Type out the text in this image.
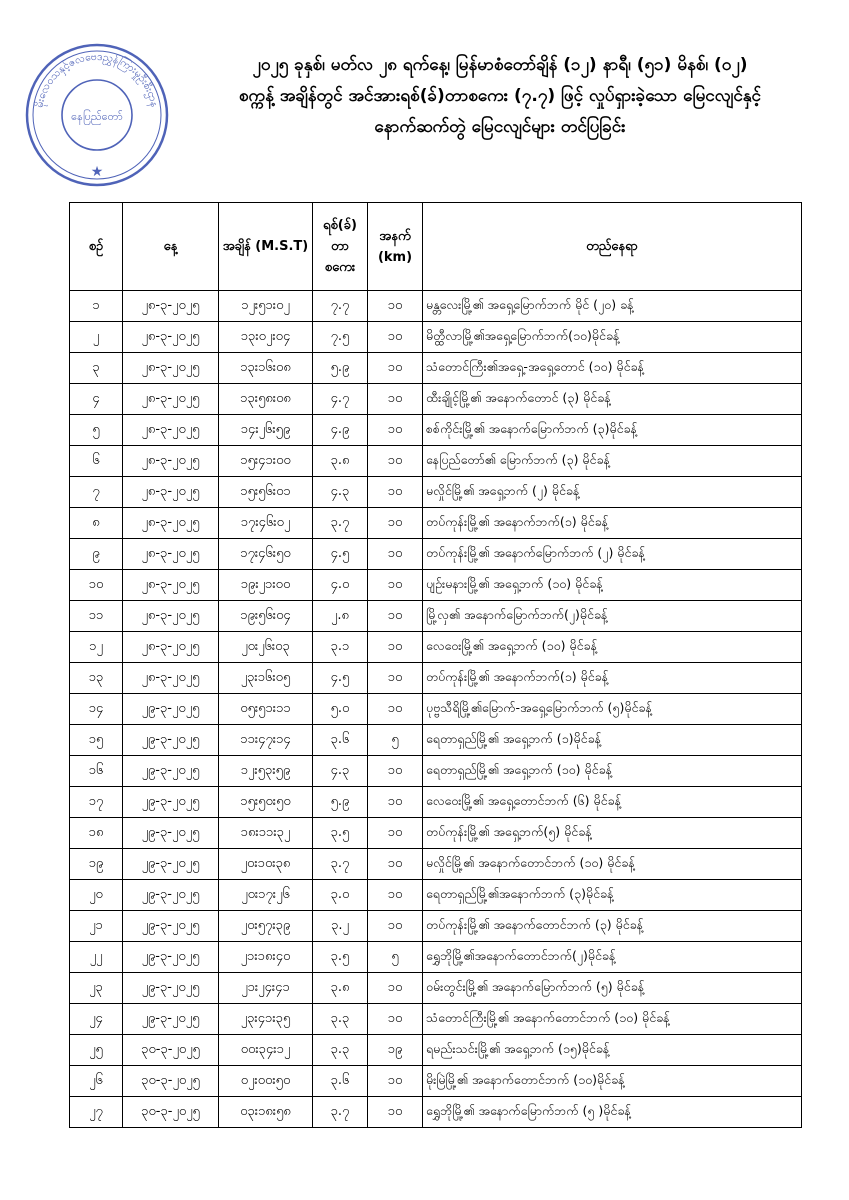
မိုးလေဝသနှင့်ဇလဗေဒညွှန်ကြားမှုဦးစီးဌာန
နေပြည်တော်
★
၂၀၂၅ ခုနှစ်၊ မတ်လ ၂၈ ရက်နေ့၊ မြန်မာစံတော်ချိန် (၁၂) နာရီ၊ (၅၁) မိနစ်၊ (၀၂)
စက္ကန့် အချိန်တွင် အင်အားရစ်(ခ်)တာစကေး (၇.၇) ဖြင့် လှုပ်ရှားခဲ့သော မြေငလျင်နှင့်
နောက်ဆက်တွဲ မြေငလျင်များ တင်ပြခြင်း
စဉ်	နေ့	အချိန် (M.S.T)	ရစ်(ခ်) တာ စကေး	အနက် (km)	တည်နေရာ
၁	၂၈-၃-၂၀၂၅	၁၂း၅၁း၀၂	၇.၇	၁၀	မန္တလေးမြို့၏ အရှေ့မြောက်ဘက် မိုင် (၂၀) ခန့်
၂	၂၈-၃-၂၀၂၅	၁၃း၀၂း၀၄	၇.၅	၁၀	မိတ္ထီလာမြို့၏အရှေ့မြောက်ဘက်(၁၀)မိုင်ခန့်
၃	၂၈-၃-၂၀၂၅	၁၃း၁၆း၀၈	၅.၉	၁၀	သံတောင်ကြီး၏အရှေ့-အရှေ့တောင် (၁၀) မိုင်ခန့်
၄	၂၈-၃-၂၀၂၅	၁၃း၅၈း၀၈	၄.၇	၁၀	ထီးချိုင့်မြို့၏ အနောက်တောင် (၃) မိုင်ခန့်
၅	၂၈-၃-၂၀၂၅	၁၄း၂၆း၅၉	၄.၉	၁၀	စစ်ကိုင်းမြို့၏ အနောက်မြောက်ဘက် (၃)မိုင်ခန့်
၆	၂၈-၃-၂၀၂၅	၁၅း၄၁း၀၀	၃.၈	၁၀	နေပြည်တော်၏ မြောက်ဘက် (၃) မိုင်ခန့်
၇	၂၈-၃-၂၀၂၅	၁၅း၅၆း၀၁	၄.၃	၁၀	မလှိုင်မြို့၏ အရှေ့ဘက် (၂) မိုင်ခန့်
၈	၂၈-၃-၂၀၂၅	၁၇း၄၆း၀၂	၃.၇	၁၀	တပ်ကုန်းမြို့၏ အနောက်ဘက်(၁) မိုင်ခန့်
၉	၂၈-၃-၂၀၂၅	၁၇း၄၆း၅၀	၄.၅	၁၀	တပ်ကုန်းမြို့၏ အနောက်မြောက်ဘက် (၂) မိုင်ခန့်
၁၀	၂၈-၃-၂၀၂၅	၁၉း၂၁း၀၀	၄.၀	၁၀	ပျဉ်းမနားမြို့၏ အရှေ့ဘက် (၁၀) မိုင်ခန့်
၁၁	၂၈-၃-၂၀၂၅	၁၉း၅၆း၀၄	၂.၈	၁၀	မြို့လှ၏ အနောက်မြောက်ဘက်(၂)မိုင်ခန့်
၁၂	၂၈-၃-၂၀၂၅	၂၀း၂၆း၀၃	၃.၁	၁၀	လေဝေးမြို့၏ အရှေ့ဘက် (၁၀) မိုင်ခန့်
၁၃	၂၈-၃-၂၀၂၅	၂၃း၁၆း၀၅	၄.၅	၁၀	တပ်ကုန်းမြို့၏ အနောက်ဘက်(၁) မိုင်ခန့်
၁၄	၂၉-၃-၂၀၂၅	၀၅း၅၁း၁၁	၅.၀	၁၀	ပုဗ္ဗသီရိမြို့၏မြောက်-အရှေ့မြောက်ဘက် (၅)မိုင်ခန့်
၁၅	၂၉-၃-၂၀၂၅	၁၁း၄၇း၁၄	၃.၆	၅	ရေတာရှည်မြို့၏ အရှေ့ဘက် (၁)မိုင်ခန့်
၁၆	၂၉-၃-၂၀၂၅	၁၂း၅၃း၅၉	၄.၃	၁၀	ရေတာရှည်မြို့၏ အရှေ့ဘက် (၁၀) မိုင်ခန့်
၁၇	၂၉-၃-၂၀၂၅	၁၅း၅၀း၅၀	၅.၉	၁၀	လေဝေးမြို့၏ အရှေ့တောင်ဘက် (၆) မိုင်ခန့်
၁၈	၂၉-၃-၂၀၂၅	၁၈း၁၁း၃၂	၃.၅	၁၀	တပ်ကုန်းမြို့၏ အရှေ့ဘက်(၅) မိုင်ခန့်
၁၉	၂၉-၃-၂၀၂၅	၂၀း၁၀း၃၈	၃.၇	၁၀	မလှိုင်မြို့၏ အနောက်တောင်ဘက် (၁၀) မိုင်ခန့်
၂၀	၂၉-၃-၂၀၂၅	၂၀း၁၇း၂၆	၃.၀	၁၀	ရေတာရှည်မြို့၏အနောက်ဘက် (၃)မိုင်ခန့်
၂၁	၂၉-၃-၂၀၂၅	၂၀း၅၇း၃၉	၃.၂	၁၀	တပ်ကုန်းမြို့၏ အနောက်တောင်ဘက် (၃) မိုင်ခန့်
၂၂	၂၉-၃-၂၀၂၅	၂၁း၁၈း၄၀	၃.၅	၅	ရွှေဘိုမြို့၏အနောက်တောင်ဘက်(၂)မိုင်ခန့်
၂၃	၂၉-၃-၂၀၂၅	၂၁း၂၄း၄၁	၃.၈	၁၀	ဝမ်းတွင်းမြို့၏ အနောက်မြောက်ဘက် (၅) မိုင်ခန့်
၂၄	၂၉-၃-၂၀၂၅	၂၃း၄၁း၃၅	၃.၃	၁၀	သံတောင်ကြီးမြို့၏ အနောက်တောင်ဘက် (၁၀) မိုင်ခန့်
၂၅	၃၀-၃-၂၀၂၅	၀၀း၃၄း၁၂	၃.၃	၁၉	ရမည်းသင်းမြို့၏ အရှေ့ဘက် (၁၅)မိုင်ခန့်
၂၆	၃၀-၃-၂၀၂၅	၀၂း၀၀း၅၀	၃.၆	၁၀	မိုးမြဲမြို့၏ အနောက်တောင်ဘက် (၁၀)မိုင်ခန့်
၂၇	၃၀-၃-၂၀၂၅	၀၃း၁၈း၅၈	၃.၇	၁၀	ရွှေဘိုမြို့၏ အနောက်မြောက်ဘက် (၅ )မိုင်ခန့်
